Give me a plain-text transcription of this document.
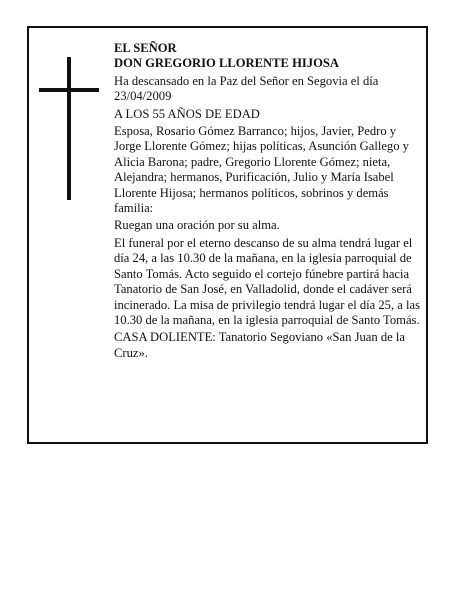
EL SEÑOR

DON GREGORIO LLORENTE HIJOSA

Ha descansado en la Paz del Señor en Segovia el día 23/04/2009

A LOS 55 AÑOS DE EDAD

Esposa, Rosario Gómez Barranco; hijos, Javier, Pedro y Jorge Llorente Gómez; hijas políticas, Asunción Gallego y Alicia Barona; padre, Gregorio Llorente Gómez; nieta, Alejandra; hermanos, Purificación, Julio y María Isabel Llorente Hijosa; hermanos políticos, sobrinos y demás familia:

Ruegan una oración por su alma.

El funeral por el eterno descanso de su alma tendrá lugar el día 24, a las 10.30 de la mañana, en la iglesia parroquial de Santo Tomás. Acto seguido el cortejo fúnebre partirá hacia Tanatorio de San José, en Valladolid, donde el cadáver será incinerado. La misa de privilegio tendrá lugar el día 25, a las 10.30 de la mañana, en la iglesia parroquial de Santo Tomás.

CASA DOLIENTE: Tanatorio Segoviano «San Juan de la Cruz».
